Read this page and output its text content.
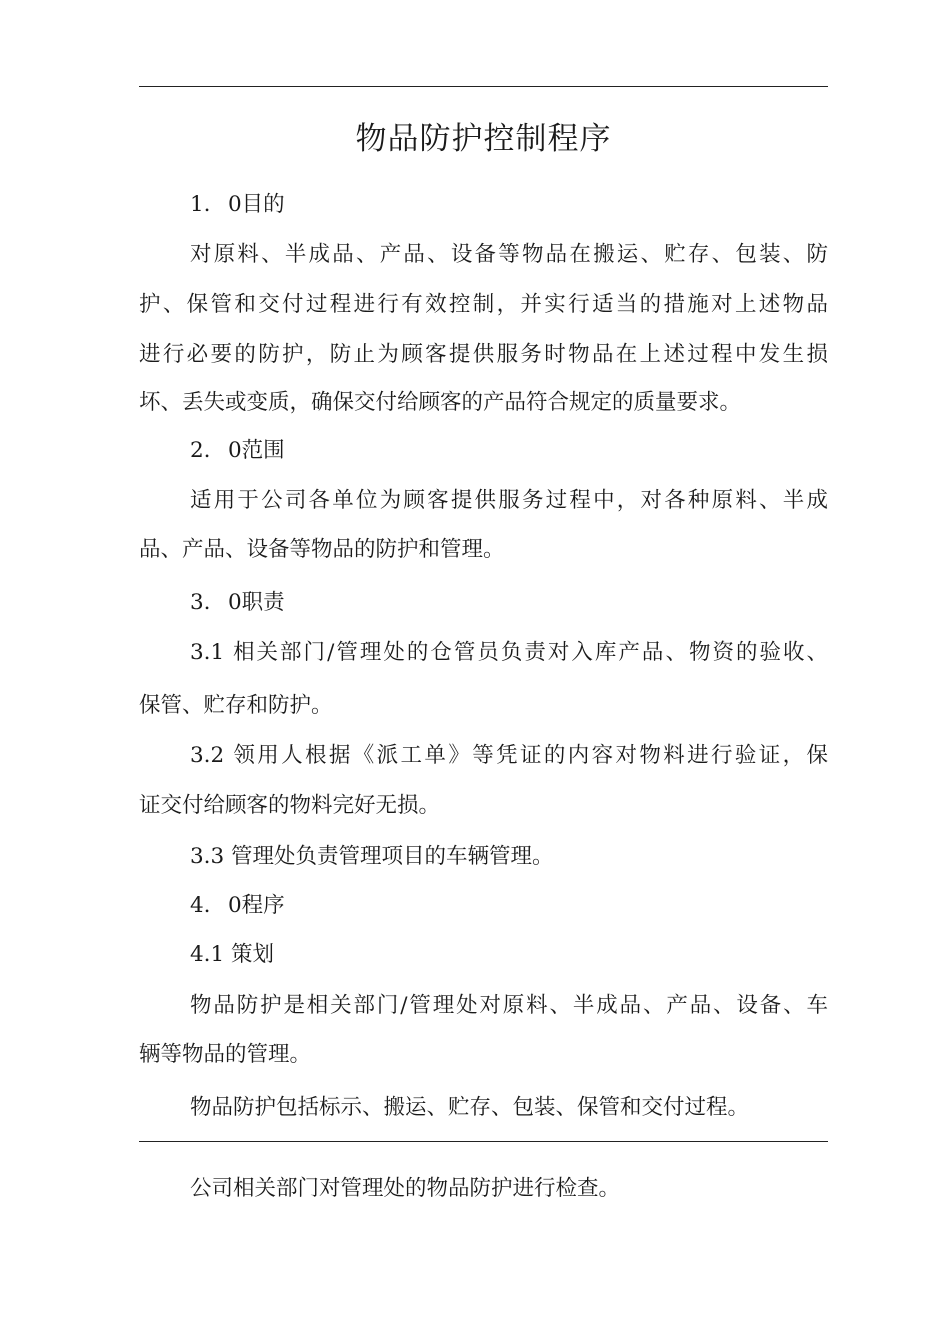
物品防护控制程序
1. 0目的
对原料、半成品、产品、设备等物品在搬运、贮存、包装、防
护、保管和交付过程进行有效控制，并实行适当的措施对上述物品
进行必要的防护，防止为顾客提供服务时物品在上述过程中发生损
坏、丢失或变质，确保交付给顾客的产品符合规定的质量要求。
2. 0范围
适用于公司各单位为顾客提供服务过程中，对各种原料、半成
品、产品、设备等物品的防护和管理。
3. 0职责
3.1 相关部门/管理处的仓管员负责对入库产品、物资的验收、
保管、贮存和防护。
3.2 领用人根据《派工单》等凭证的内容对物料进行验证，保
证交付给顾客的物料完好无损。
3.3 管理处负责管理项目的车辆管理。
4. 0程序
4.1 策划
物品防护是相关部门/管理处对原料、半成品、产品、设备、车
辆等物品的管理。
物品防护包括标示、搬运、贮存、包装、保管和交付过程。
公司相关部门对管理处的物品防护进行检查。
